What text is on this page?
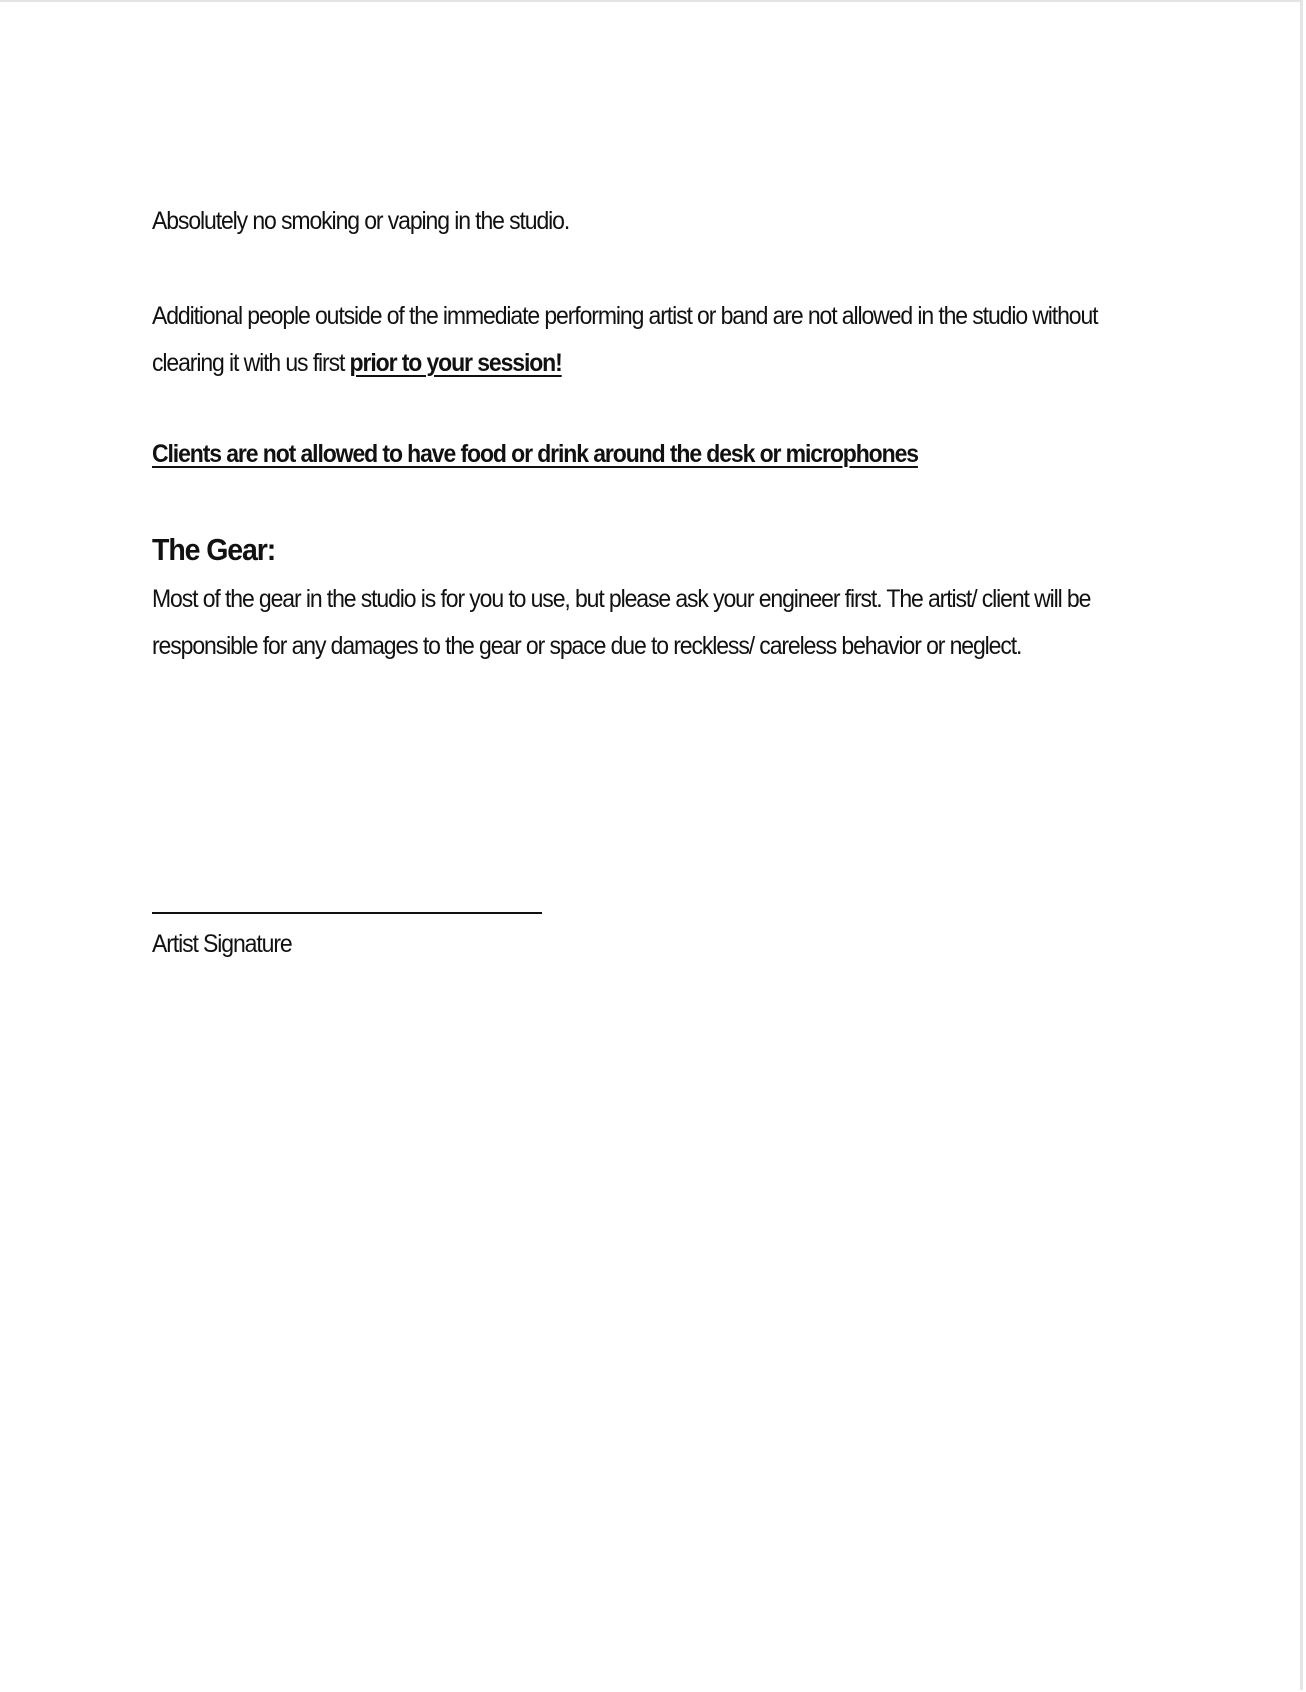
Absolutely no smoking or vaping in the studio.

Additional people outside of the immediate performing artist or band are not allowed in the studio without clearing it with us first prior to your session!

Clients are not allowed to have food or drink around the desk or microphones

The Gear:

Most of the gear in the studio is for you to use, but please ask your engineer first. The artist/ client will be responsible for any damages to the gear or space due to reckless/ careless behavior or neglect.

Artist Signature
